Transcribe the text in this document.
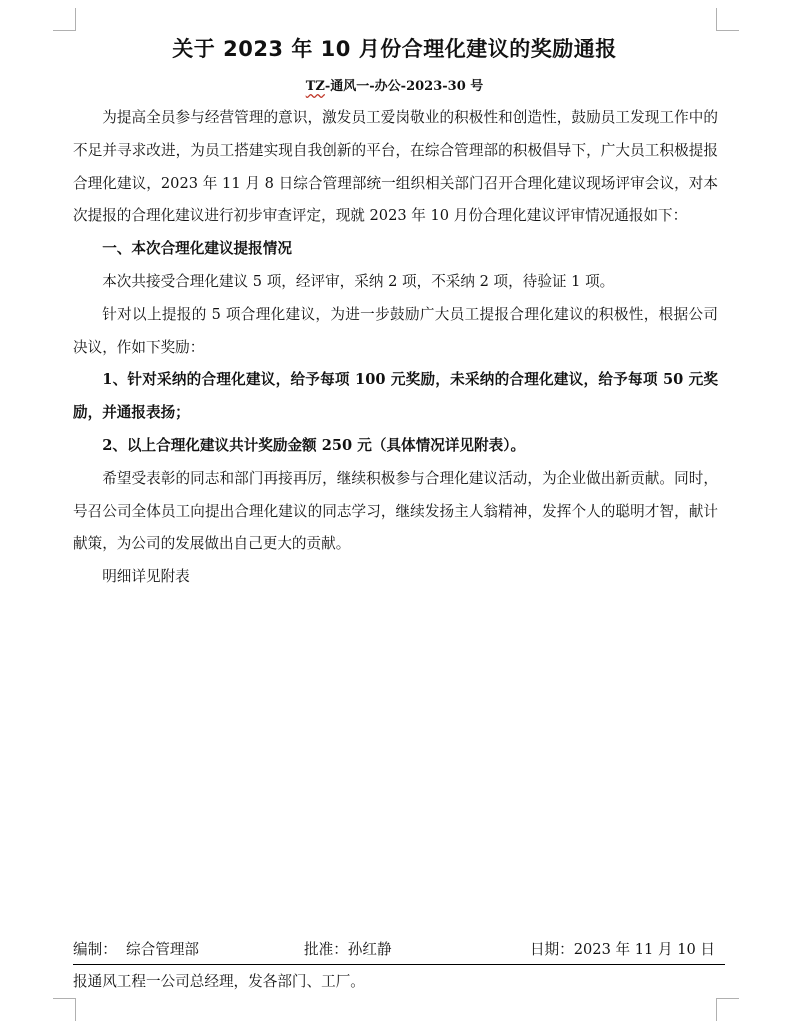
关于 2023 年 10 月份合理化建议的奖励通报
TZ-通风一-办公-2023-30 号

为提高全员参与经营管理的意识，激发员工爱岗敬业的积极性和创造性，鼓励员工发现工作中的不足并寻求改进，为员工搭建实现自我创新的平台，在综合管理部的积极倡导下，广大员工积极提报合理化建议，2023 年 11 月 8 日综合管理部统一组织相关部门召开合理化建议现场评审会议，对本次提报的合理化建议进行初步审查评定，现就 2023 年 10 月份合理化建议评审情况通报如下：

一、本次合理化建议提报情况

本次共接受合理化建议 5 项，经评审，采纳 2 项，不采纳 2 项，待验证 1 项。

针对以上提报的 5 项合理化建议，为进一步鼓励广大员工提报合理化建议的积极性，根据公司决议，作如下奖励：

1、针对采纳的合理化建议，给予每项 100 元奖励，未采纳的合理化建议，给予每项 50 元奖励，并通报表扬；

2、以上合理化建议共计奖励金额 250 元（具体情况详见附表）。

希望受表彰的同志和部门再接再厉，继续积极参与合理化建议活动，为企业做出新贡献。同时，号召公司全体员工向提出合理化建议的同志学习，继续发扬主人翁精神，发挥个人的聪明才智，献计献策，为公司的发展做出自己更大的贡献。

明细详见附表

编制：  综合管理部	批准：孙红静	日期：2023 年 11 月 10 日
报通风工程一公司总经理，发各部门、工厂。
